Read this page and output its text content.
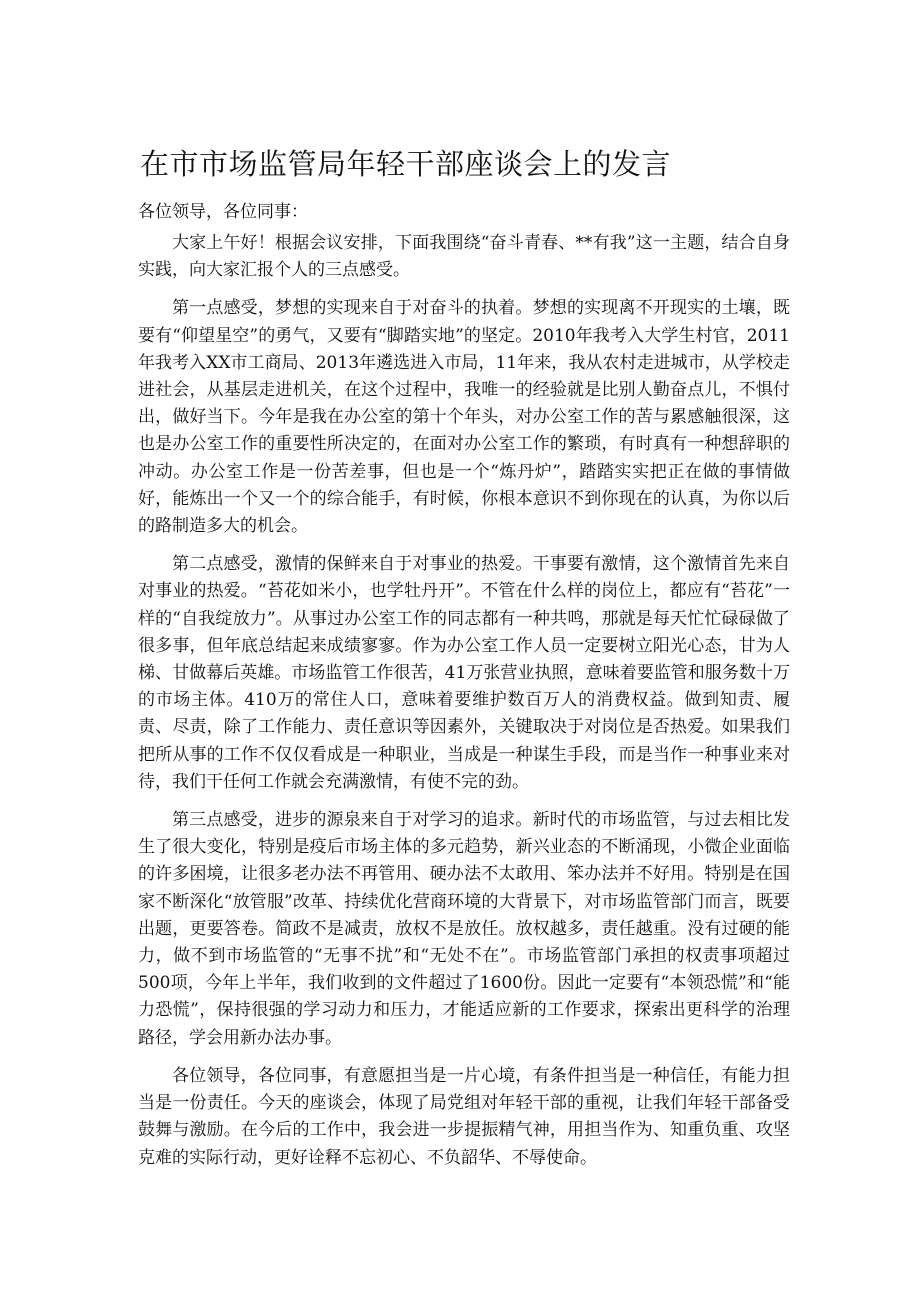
在市市场监管局年轻干部座谈会上的发言

各位领导，各位同事：

大家上午好！根据会议安排，下面我围绕“奋斗青春、**有我”这一主题，结合自身实践，向大家汇报个人的三点感受。

第一点感受，梦想的实现来自于对奋斗的执着。梦想的实现离不开现实的土壤，既要有“仰望星空”的勇气，又要有“脚踏实地”的坚定。2010年我考入大学生村官，2011年我考入XX市工商局、2013年遴选进入市局，11年来，我从农村走进城市，从学校走进社会，从基层走进机关，在这个过程中，我唯一的经验就是比别人勤奋点儿，不惧付出，做好当下。今年是我在办公室的第十个年头，对办公室工作的苦与累感触很深，这也是办公室工作的重要性所决定的，在面对办公室工作的繁琐，有时真有一种想辞职的冲动。办公室工作是一份苦差事，但也是一个“炼丹炉”，踏踏实实把正在做的事情做好，能炼出一个又一个的综合能手，有时候，你根本意识不到你现在的认真，为你以后的路制造多大的机会。

第二点感受，激情的保鲜来自于对事业的热爱。干事要有激情，这个激情首先来自对事业的热爱。“苔花如米小，也学牡丹开”。不管在什么样的岗位上，都应有“苔花”一样的“自我绽放力”。从事过办公室工作的同志都有一种共鸣，那就是每天忙忙碌碌做了很多事，但年底总结起来成绩寥寥。作为办公室工作人员一定要树立阳光心态，甘为人梯、甘做幕后英雄。市场监管工作很苦，41万张营业执照，意味着要监管和服务数十万的市场主体。410万的常住人口，意味着要维护数百万人的消费权益。做到知责、履责、尽责，除了工作能力、责任意识等因素外，关键取决于对岗位是否热爱。如果我们把所从事的工作不仅仅看成是一种职业，当成是一种谋生手段，而是当作一种事业来对待，我们干任何工作就会充满激情，有使不完的劲。

第三点感受，进步的源泉来自于对学习的追求。新时代的市场监管，与过去相比发生了很大变化，特别是疫后市场主体的多元趋势，新兴业态的不断涌现，小微企业面临的许多困境，让很多老办法不再管用、硬办法不太敢用、笨办法并不好用。特别是在国家不断深化“放管服”改革、持续优化营商环境的大背景下，对市场监管部门而言，既要出题，更要答卷。简政不是减责，放权不是放任。放权越多，责任越重。没有过硬的能力，做不到市场监管的“无事不扰”和“无处不在”。市场监管部门承担的权责事项超过500项，今年上半年，我们收到的文件超过了1600份。因此一定要有“本领恐慌”和“能力恐慌”，保持很强的学习动力和压力，才能适应新的工作要求，探索出更科学的治理路径，学会用新办法办事。

各位领导，各位同事，有意愿担当是一片心境，有条件担当是一种信任，有能力担当是一份责任。今天的座谈会，体现了局党组对年轻干部的重视，让我们年轻干部备受鼓舞与激励。在今后的工作中，我会进一步提振精气神，用担当作为、知重负重、攻坚克难的实际行动，更好诠释不忘初心、不负韶华、不辱使命。
